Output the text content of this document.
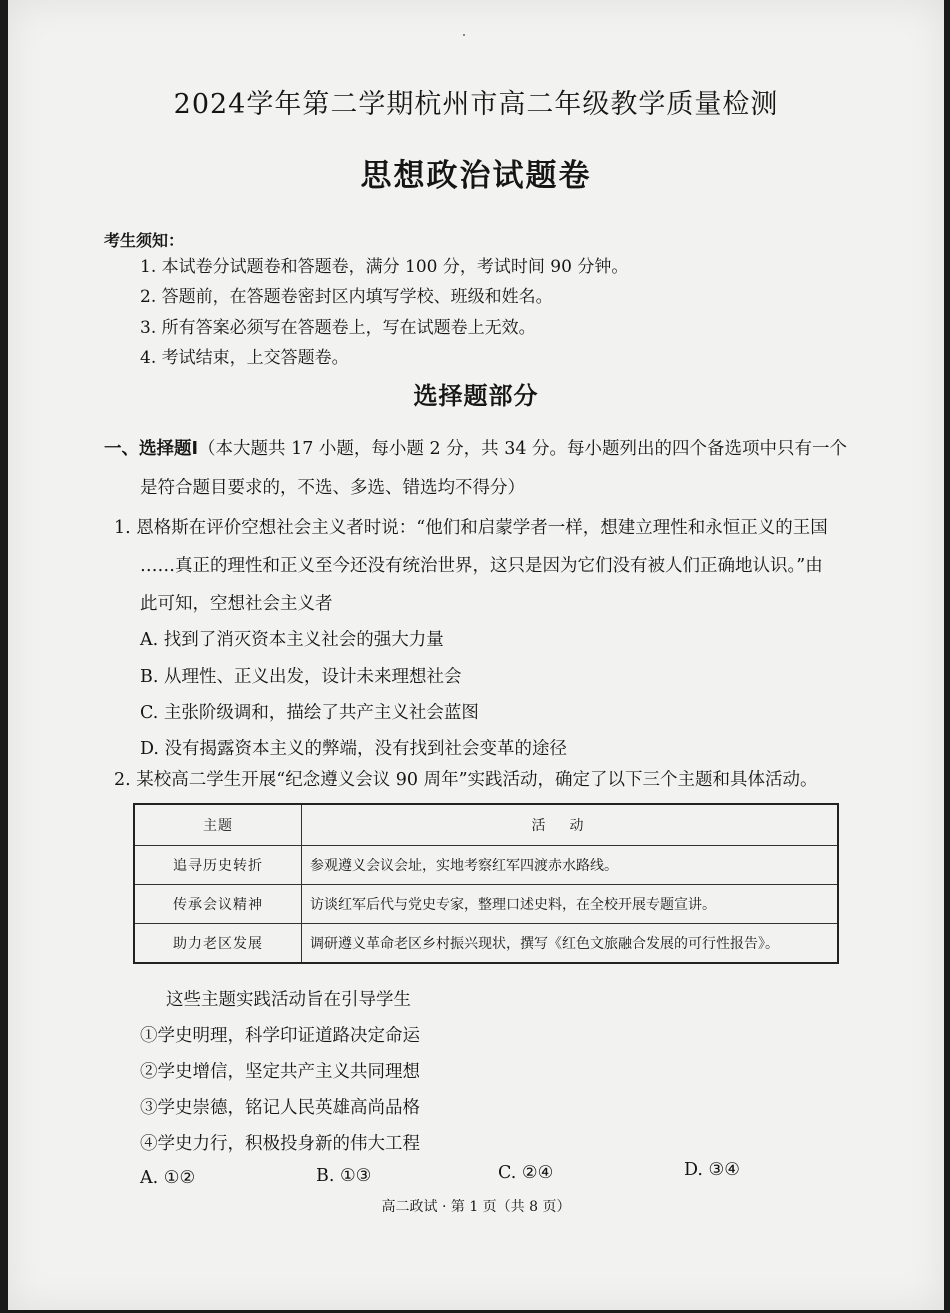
2024学年第二学期杭州市高二年级教学质量检测
思想政治试题卷
考生须知：
1. 本试卷分试题卷和答题卷，满分 100 分，考试时间 90 分钟。
2. 答题前，在答题卷密封区内填写学校、班级和姓名。
3. 所有答案必须写在答题卷上，写在试题卷上无效。
4. 考试结束，上交答题卷。
选择题部分
一、选择题Ⅰ（本大题共 17 小题，每小题 2 分，共 34 分。每小题列出的四个备选项中只有一个
是符合题目要求的，不选、多选、错选均不得分）
1. 恩格斯在评价空想社会主义者时说：“他们和启蒙学者一样，想建立理性和永恒正义的王国
……真正的理性和正义至今还没有统治世界，这只是因为它们没有被人们正确地认识。”由
此可知，空想社会主义者
A. 找到了消灭资本主义社会的强大力量
B. 从理性、正义出发，设计未来理想社会
C. 主张阶级调和，描绘了共产主义社会蓝图
D. 没有揭露资本主义的弊端，没有找到社会变革的途径
2. 某校高二学生开展“纪念遵义会议 90 周年”实践活动，确定了以下三个主题和具体活动。
主题	活动
追寻历史转折	参观遵义会议会址，实地考察红军四渡赤水路线。
传承会议精神	访谈红军后代与党史专家，整理口述史料，在全校开展专题宣讲。
助力老区发展	调研遵义革命老区乡村振兴现状，撰写《红色文旅融合发展的可行性报告》。
这些主题实践活动旨在引导学生
①学史明理，科学印证道路决定命运
②学史增信，坚定共产主义共同理想
③学史崇德，铭记人民英雄高尚品格
④学史力行，积极投身新的伟大工程
A. ①②	B. ①③	C. ②④	D. ③④
高二政试 · 第 1 页（共 8 页）
